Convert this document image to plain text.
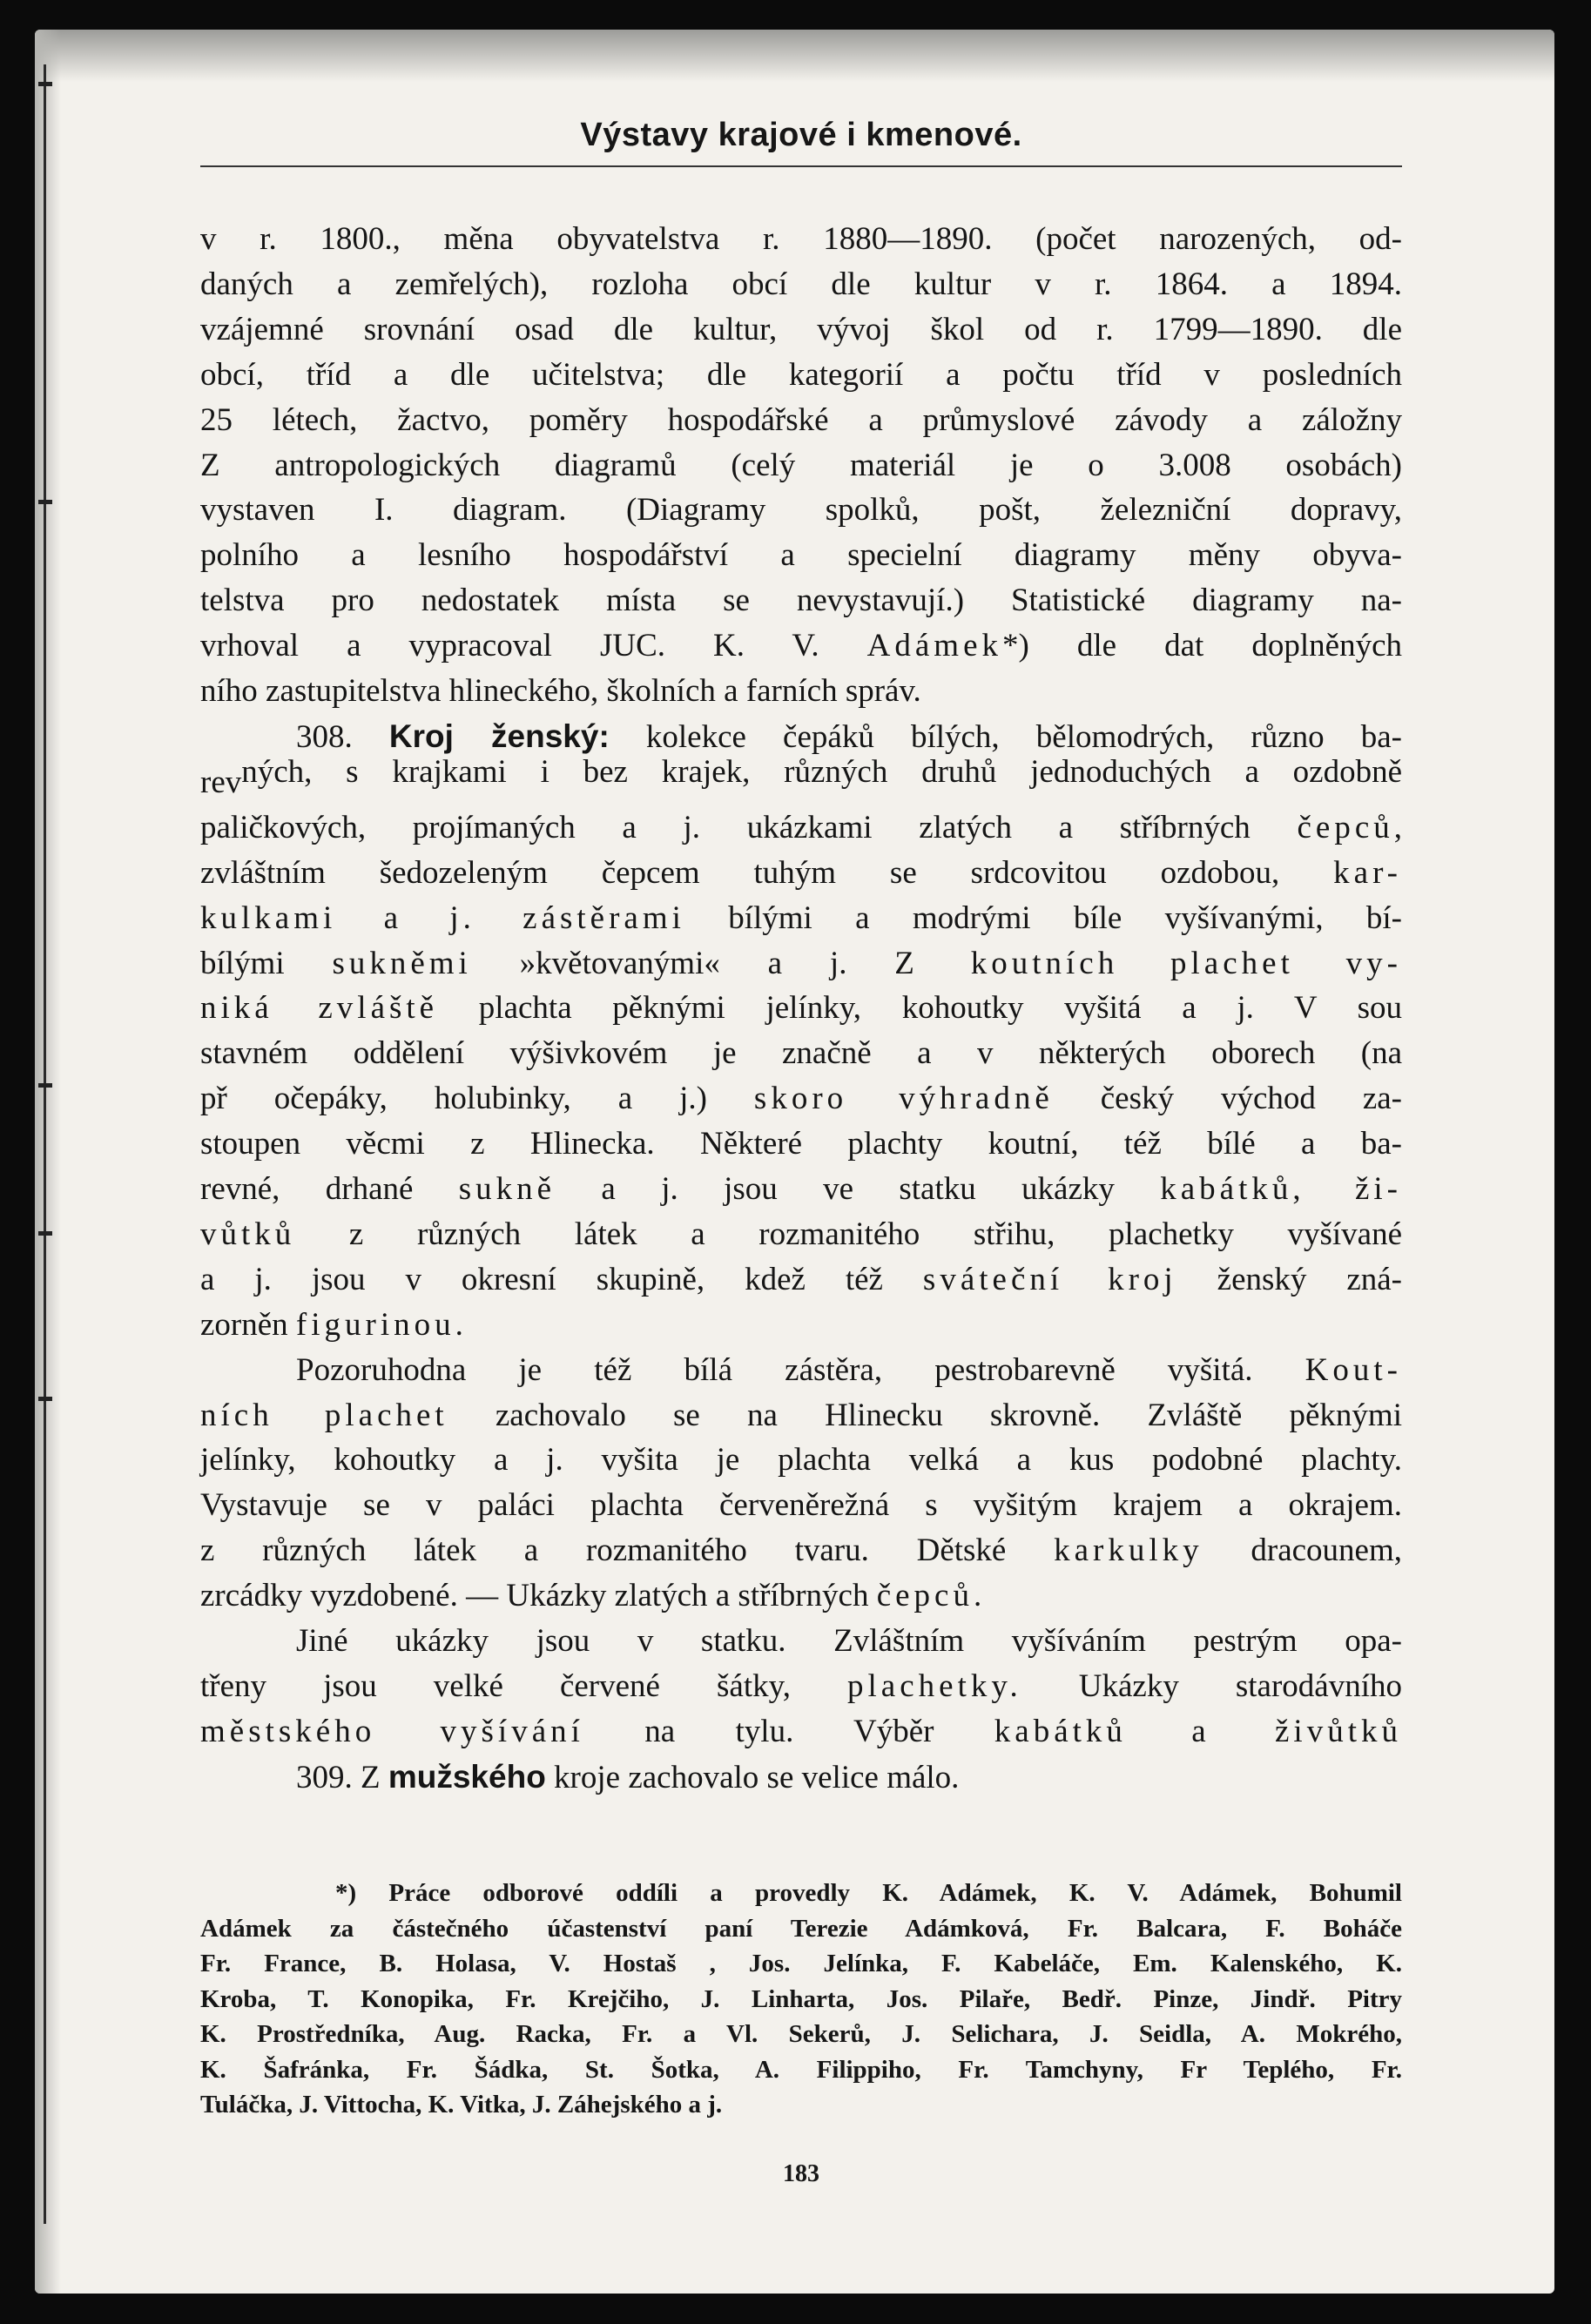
Výstavy krajové i kmenové.
v r. 1800., měna obyvatelstva r. 1880—1890. (počet narozených, od-
daných a zemřelých), rozloha obcí dle kultur v r. 1864. a 1894.
vzájemné srovnání osad dle kultur, vývoj škol od r. 1799—1890. dle
obcí, tříd a dle učitelstva; dle kategorií a počtu tříd v posledních
25 létech, žactvo, poměry hospodářské a průmyslové závody a záložny
Z antropologických diagramů (celý materiál je o 3.008 osobách)
vystaven I. diagram. (Diagramy spolků, pošt, železniční dopravy,
polního a lesního hospodářství a specielní diagramy měny obyva-
telstva pro nedostatek místa se nevystavují.) Statistické diagramy na-
vrhoval a vypracoval JUC. K. V. Adámek*) dle dat doplněných
ního zastupitelstva hlineckého, školních a farních správ.
308. Kroj ženský: kolekce čepáků bílých, bělomodrých, různo ba-
revných, s krajkami i bez krajek, různých druhů jednoduchých a ozdobně
paličkových, projímaných a j. ukázkami zlatých a stříbrných čepců,
zvláštním šedozeleným čepcem tuhým se srdcovitou ozdobou, kar-
kulkami a j. zástěrami bílými a modrými bíle vyšívanými, bí-
bílými sukněmi »květovanými« a j. Z koutních plachet vy-
niká zvláště plachta pěknými jelínky, kohoutky vyšitá a j. V sou
stavném oddělení výšivkovém je značně a v některých oborech (na
př očepáky, holubinky, a j.) skoro výhradně český východ za-
stoupen věcmi z Hlinecka. Některé plachty koutní, též bílé a ba-
revné, drhané sukně a j. jsou ve statku ukázky kabátků, ži-
vůtků z různých látek a rozmanitého střihu, plachetky vyšívané
a j. jsou v okresní skupině, kdež též sváteční kroj ženský zná-
zorněn figurinou.
Pozoruhodna je též bílá zástěra, pestrobarevně vyšitá. Kout-
ních plachet zachovalo se na Hlinecku skrovně. Zvláště pěknými
jelínky, kohoutky a j. vyšita je plachta velká a kus podobné plachty.
Vystavuje se v paláci plachta červeněrežná s vyšitým krajem a okrajem.
z různých látek a rozmanitého tvaru. Dětské karkulky dracounem,
zrcádky vyzdobené. — Ukázky zlatých a stříbrných čepců.
Jiné ukázky jsou v statku. Zvláštním vyšíváním pestrým opa-
třeny jsou velké červené šátky, plachetky. Ukázky starodávního
městského vyšívání na tylu. Výběr kabátků a živůtků
309. Z mužského kroje zachovalo se velice málo.
*) Práce odborové oddíli a provedly K. Adámek, K. V. Adámek, Bohumil
Adámek za částečného účastenství paní Terezie Adámková, Fr. Balcara, F. Boháče
Fr. France, B. Holasa, V. Hostaš , Jos. Jelínka, F. Kabeláče, Em. Kalenského, K.
Kroba, T. Konopika, Fr. Krejčiho, J. Linharta, Jos. Pilaře, Bedř. Pinze, Jindř. Pitry
K. Prostředníka, Aug. Racka, Fr. a Vl. Sekerů, J. Selichara, J. Seidla, A. Mokrého,
K. Šafránka, Fr. Šádka, St. Šotka, A. Filippiho, Fr. Tamchyny, Fr Teplého, Fr.
Tuláčka, J. Vittocha, K. Vitka, J. Záhejského a j.
183
